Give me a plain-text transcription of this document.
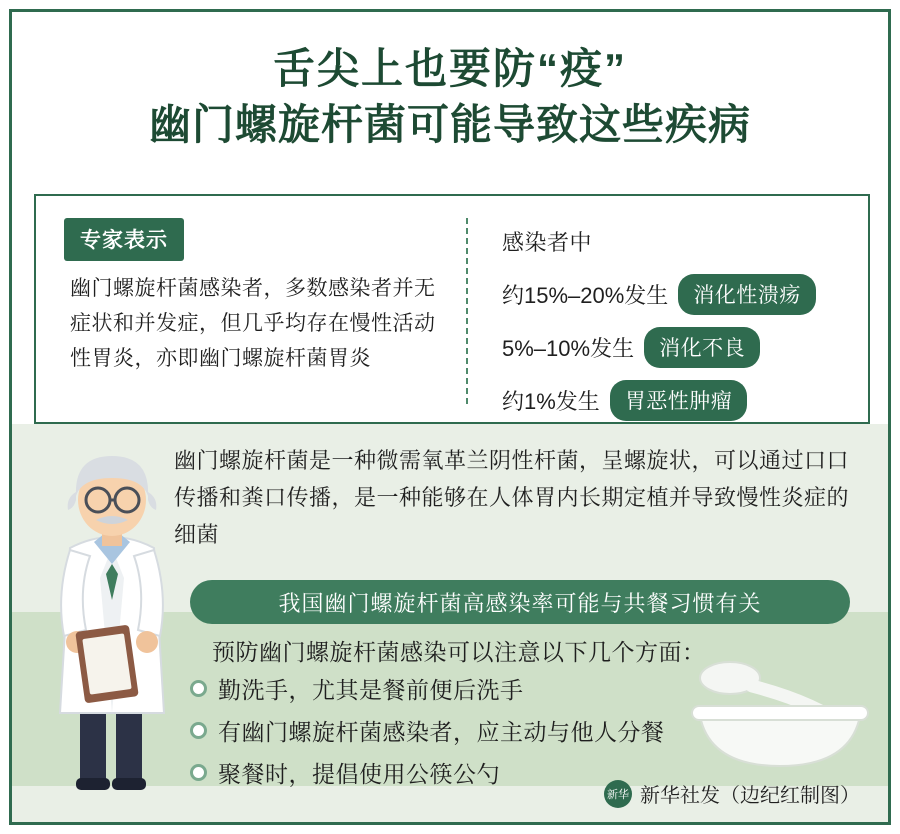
舌尖上也要防“疫”
幽门螺旋杆菌可能导致这些疾病
专家表示
幽门螺旋杆菌感染者，多数感染者并无症状和并发症，但几乎均存在慢性活动性胃炎，亦即幽门螺旋杆菌胃炎
感染者中
约15%–20%发生	消化性溃疡
5%–10%发生	消化不良
约1%发生	胃恶性肿瘤
幽门螺旋杆菌是一种微需氧革兰阴性杆菌，呈螺旋状，可以通过口口传播和粪口传播，是一种能够在人体胃内长期定植并导致慢性炎症的细菌
我国幽门螺旋杆菌高感染率可能与共餐习惯有关
预防幽门螺旋杆菌感染可以注意以下几个方面：
勤洗手，尤其是餐前便后洗手
有幽门螺旋杆菌感染者，应主动与他人分餐
聚餐时，提倡使用公筷公勺
新华 新华社发（边纪红制图）
